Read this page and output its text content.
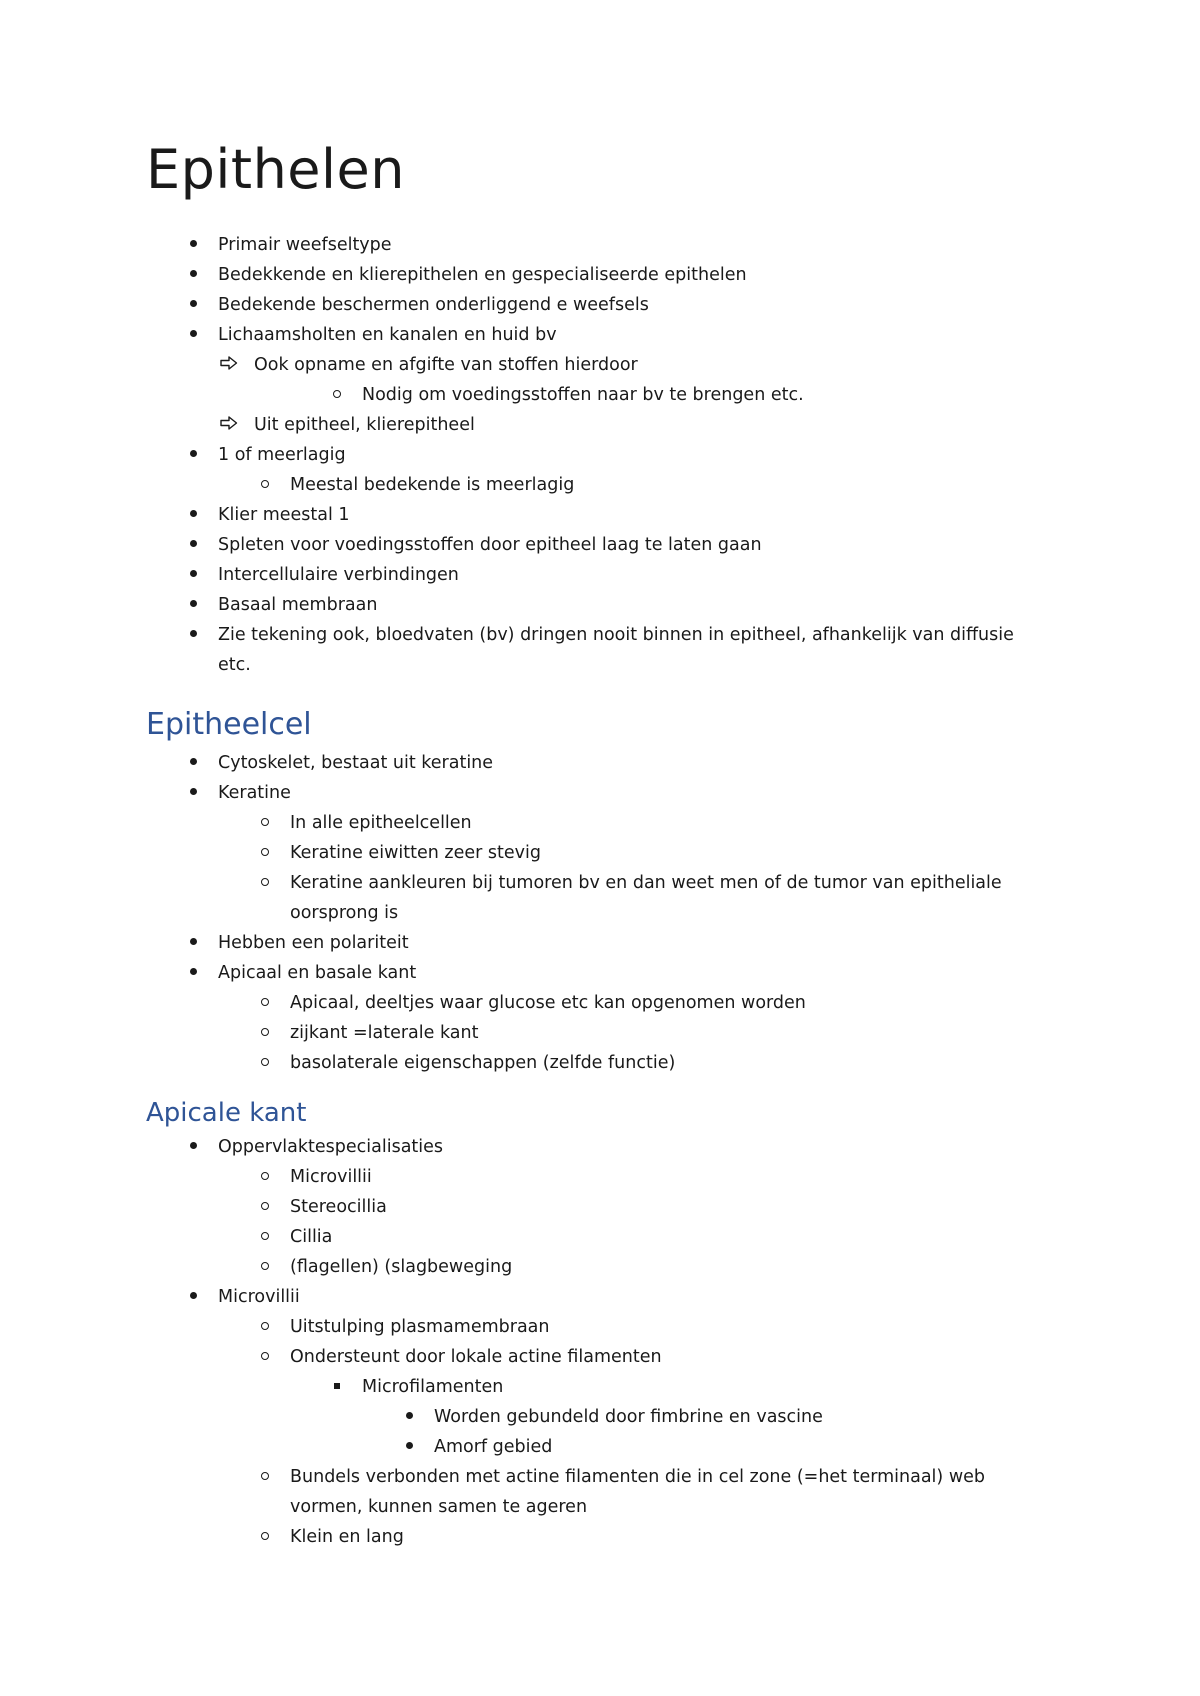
Epithelen
Primair weefseltype
Bedekkende en klierepithelen en gespecialiseerde epithelen
Bedekende beschermen onderliggend e weefsels
Lichaamsholten en kanalen en huid bv
Ook opname en afgifte van stoffen hierdoor
Nodig om voedingsstoffen naar bv te brengen etc.
Uit epitheel, klierepitheel
1 of meerlagig
Meestal bedekende is meerlagig
Klier meestal 1
Spleten voor voedingsstoffen door epitheel laag te laten gaan
Intercellulaire verbindingen
Basaal membraan
Zie tekening ook, bloedvaten (bv) dringen nooit binnen in epitheel, afhankelijk van diffusie etc.
Epitheelcel
Cytoskelet, bestaat uit keratine
Keratine
In alle epitheelcellen
Keratine eiwitten zeer stevig
Keratine aankleuren bij tumoren bv en dan weet men of de tumor van epitheliale oorsprong is
Hebben een polariteit
Apicaal en basale kant
Apicaal, deeltjes waar glucose etc kan opgenomen worden
zijkant =laterale kant
basolaterale eigenschappen (zelfde functie)
Apicale kant
Oppervlaktespecialisaties
Microvillii
Stereocillia
Cillia
(flagellen) (slagbeweging
Microvillii
Uitstulping plasmamembraan
Ondersteunt door lokale actine filamenten
Microfilamenten
Worden gebundeld door fimbrine en vascine
Amorf gebied
Bundels verbonden met actine filamenten die in cel zone (=het terminaal) web vormen, kunnen samen te ageren
Klein en lang
